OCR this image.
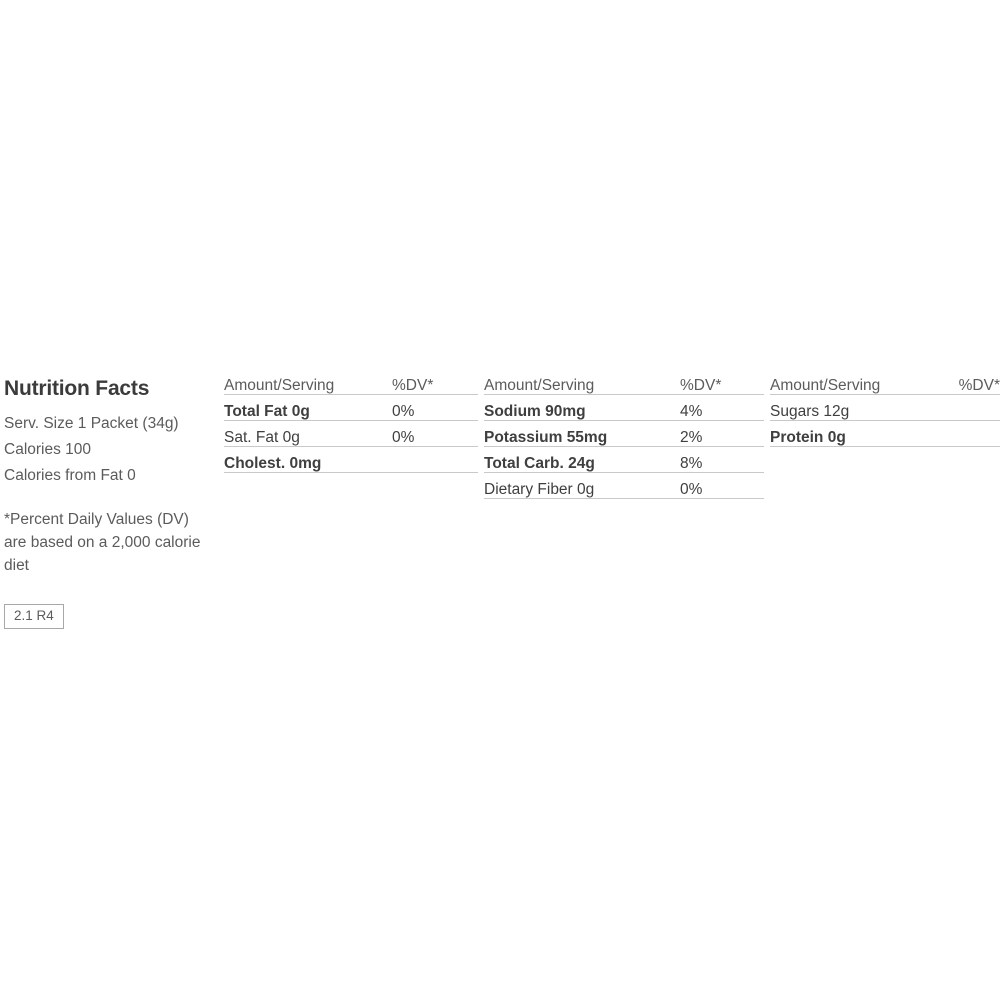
Nutrition Facts
Serv. Size 1 Packet (34g)
Calories 100
Calories from Fat 0
*Percent Daily Values (DV) are based on a 2,000 calorie diet
2.1 R4
Amount/Serving	%DV*
Total Fat 0g	0%
Sat. Fat 0g	0%
Cholest. 0mg	
Amount/Serving	%DV*
Sodium 90mg	4%
Potassium 55mg	2%
Total Carb. 24g	8%
Dietary Fiber 0g	0%
Amount/Serving	%DV*
Sugars 12g	
Protein 0g	
